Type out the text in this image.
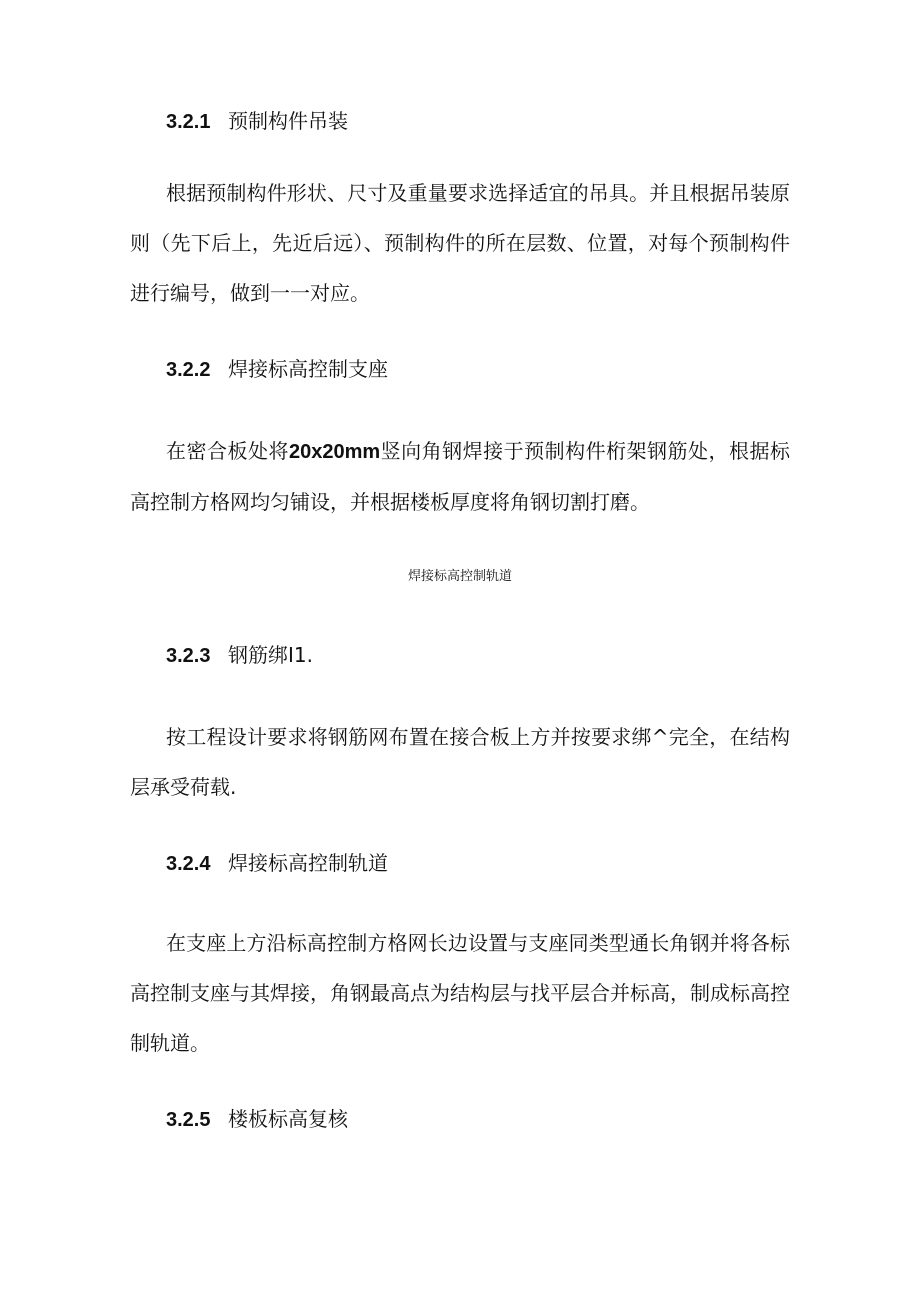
3.2.1 预制构件吊装
根据预制构件形状、尺寸及重量要求选择适宜的吊具。并且根据吊装原则（先下后上，先近后远）、预制构件的所在层数、位置，对每个预制构件进行编号，做到一一对应。
3.2.2 焊接标高控制支座
在密合板处将20x20mm竖向角钢焊接于预制构件桁架钢筋处，根据标高控制方格网均匀铺设，并根据楼板厚度将角钢切割打磨。
焊接标高控制轨道
3.2.3 钢筋绑I1.
按工程设计要求将钢筋网布置在接合板上方并按要求绑^完全，在结构层承受荷载.
3.2.4 焊接标高控制轨道
在支座上方沿标高控制方格网长边设置与支座同类型通长角钢并将各标高控制支座与其焊接，角钢最高点为结构层与找平层合并标高，制成标高控制轨道。
3.2.5 楼板标高复核
